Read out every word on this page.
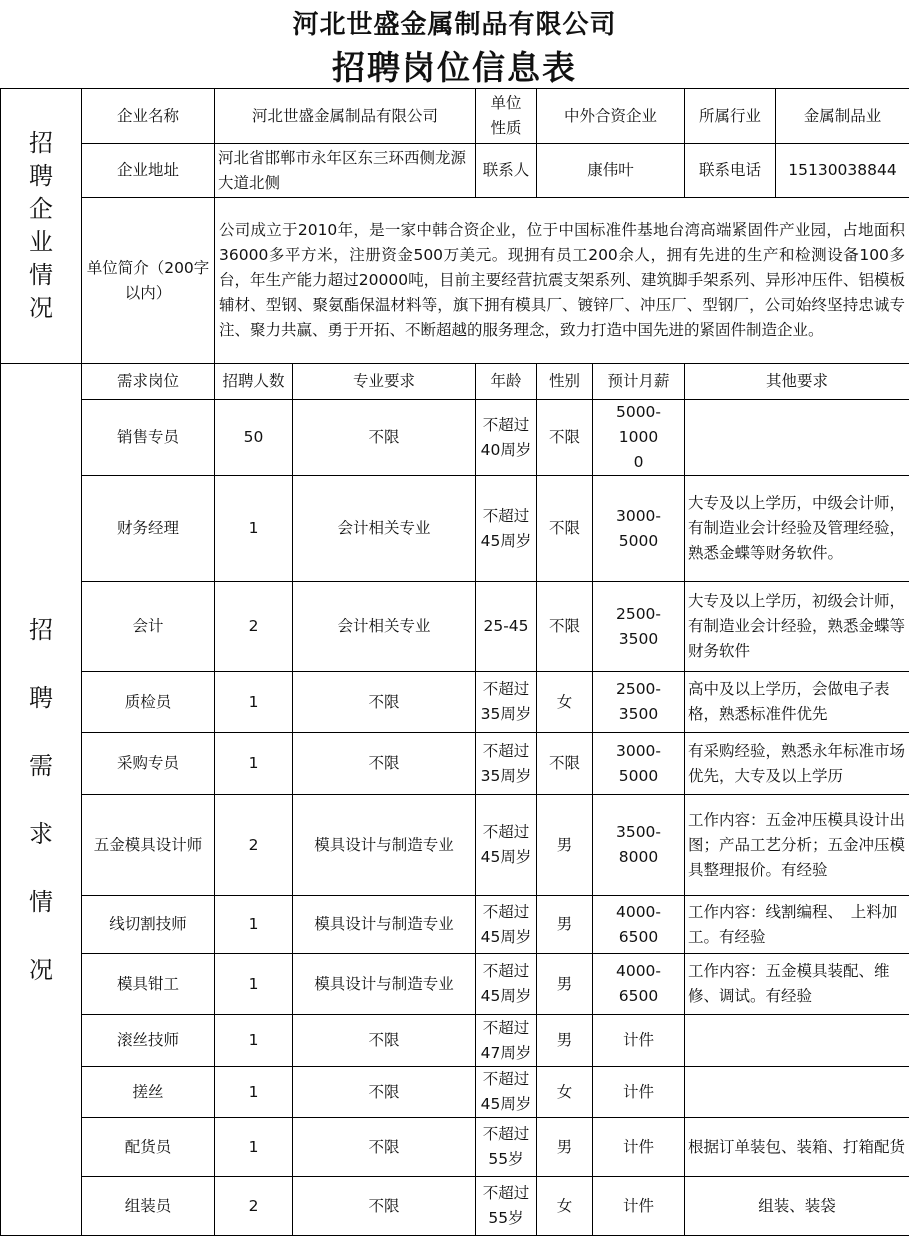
河北世盛金属制品有限公司
招聘岗位信息表
招聘企业情况	企业名称	河北世盛金属制品有限公司	单位性质	中外合资企业	所属行业	金属制品业
	企业地址	河北省邯郸市永年区东三环西侧龙源大道北侧	联系人	康伟叶	联系电话	15130038844
	单位简介（200字以内）	公司成立于2010年，是一家中韩合资企业，位于中国标准件基地台湾高端紧固件产业园，占地面积36000多平方米，注册资金500万美元。现拥有员工200余人，拥有先进的生产和检测设备100多台，年生产能力超过20000吨，目前主要经营抗震支架系列、建筑脚手架系列、异形冲压件、铝模板辅材、型钢、聚氨酯保温材料等，旗下拥有模具厂、镀锌厂、冲压厂、型钢厂，公司始终坚持忠诚专注、聚力共赢、勇于开拓、不断超越的服务理念，致力打造中国先进的紧固件制造企业。				
招聘需求情况	需求岗位	招聘人数	专业要求	年龄	性别	预计月薪	其他要求
	销售专员	50	不限	不超过40周岁	不限	5000-10000	
	财务经理	1	会计相关专业	不超过45周岁	不限	3000-5000	大专及以上学历，中级会计师，有制造业会计经验及管理经验，熟悉金蝶等财务软件。
	会计	2	会计相关专业	25-45	不限	2500-3500	大专及以上学历，初级会计师，有制造业会计经验，熟悉金蝶等财务软件
	质检员	1	不限	不超过35周岁	女	2500-3500	高中及以上学历，会做电子表格，熟悉标准件优先
	采购专员	1	不限	不超过35周岁	不限	3000-5000	有采购经验，熟悉永年标准市场优先，大专及以上学历
	五金模具设计师	2	模具设计与制造专业	不超过45周岁	男	3500-8000	工作内容：五金冲压模具设计出图；产品工艺分析；五金冲压模具整理报价。有经验
	线切割技师	1	模具设计与制造专业	不超过45周岁	男	4000-6500	工作内容：线割编程、　上料加工。有经验
	模具钳工	1	模具设计与制造专业	不超过45周岁	男	4000-6500	工作内容：五金模具装配、维修、调试。有经验
	滚丝技师	1	不限	不超过47周岁	男	计件	
	搓丝	1	不限	不超过45周岁	女	计件	
	配货员	1	不限	不超过55岁	男	计件	根据订单装包、装箱、打箱配货
	组装员	2	不限	不超过55岁	女	计件	组装、装袋
